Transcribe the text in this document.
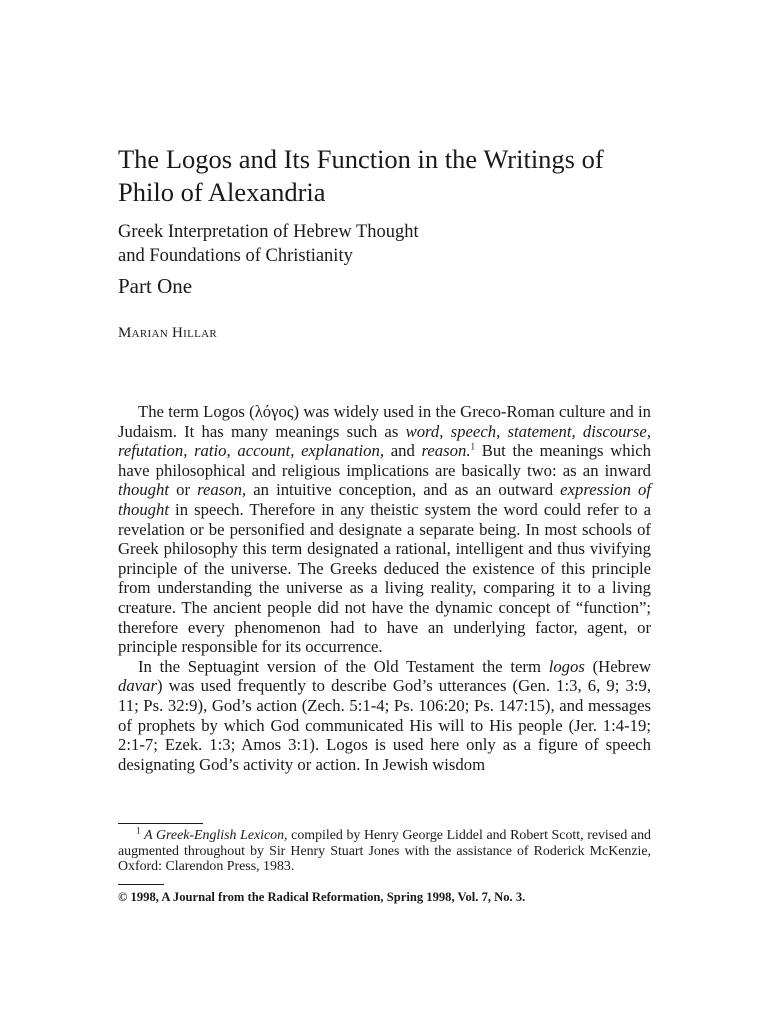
The Logos and Its Function in the Writings of Philo of Alexandria
Greek Interpretation of Hebrew Thought
and Foundations of Christianity
Part One
Marian Hillar

The term Logos (λόγος) was widely used in the Greco-Roman culture and in Judaism. It has many meanings such as word, speech, statement, discourse, refutation, ratio, account, explanation, and reason.$^1$ But the meanings which have philosophical and religious implications are basically two: as an inward thought or reason, an intuitive conception, and as an outward expression of thought in speech. Therefore in any theistic system the word could refer to a revelation or be personified and designate a separate being. In most schools of Greek philosophy this term designated a rational, intelligent and thus vivifying principle of the universe. The Greeks deduced the existence of this principle from understanding the universe as a living reality, comparing it to a living creature. The ancient people did not have the dynamic concept of “function”; therefore every phenomenon had to have an underlying factor, agent, or principle responsible for its occurrence.

In the Septuagint version of the Old Testament the term logos (Hebrew davar) was used frequently to describe God’s utterances (Gen. 1:3, 6, 9; 3:9, 11; Ps. 32:9), God’s action (Zech. 5:1-4; Ps. 106:20; Ps. 147:15), and messages of prophets by which God communicated His will to His people (Jer. 1:4-19; 2:1-7; Ezek. 1:3; Amos 3:1). Logos is used here only as a figure of speech designating God’s activity or action. In Jewish wisdom

$^1$ A Greek-English Lexicon, compiled by Henry George Liddel and Robert Scott, revised and augmented throughout by Sir Henry Stuart Jones with the assistance of Roderick McKenzie, Oxford: Clarendon Press, 1983.

© 1998, A Journal from the Radical Reformation, Spring 1998, Vol. 7, No. 3.
